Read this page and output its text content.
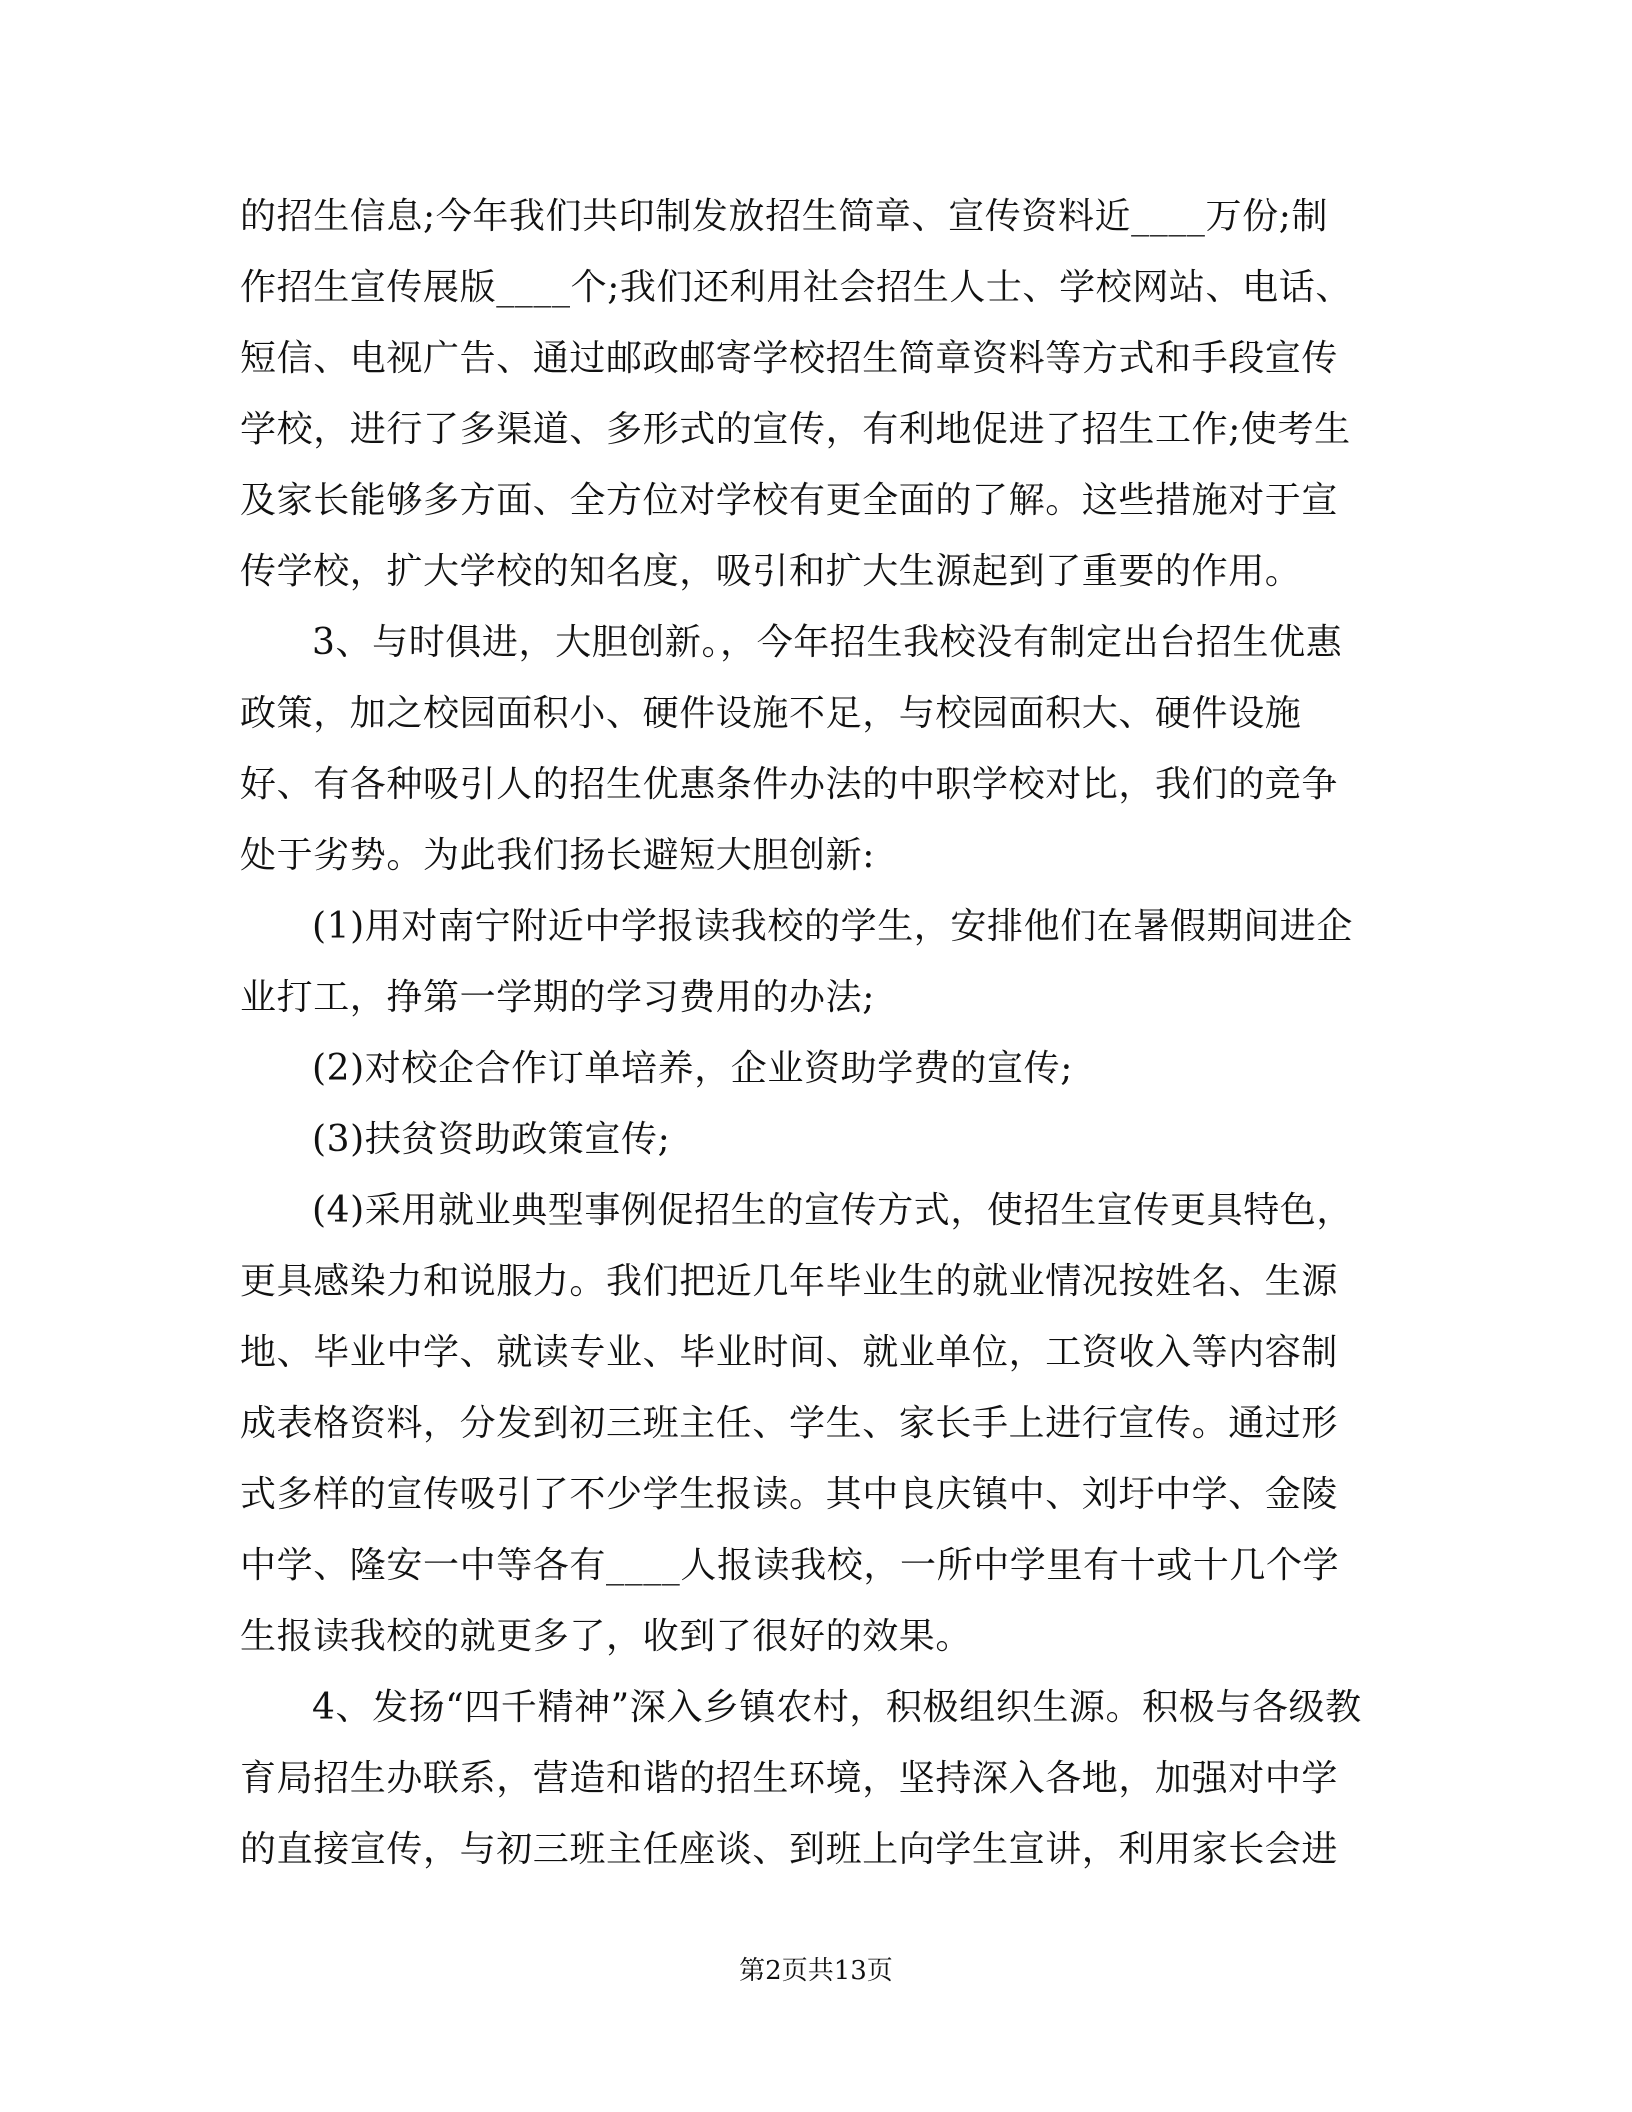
的招生信息;今年我们共印制发放招生简章、宣传资料近____万份;制
作招生宣传展版____个;我们还利用社会招生人士、学校网站、电话、
短信、电视广告、通过邮政邮寄学校招生简章资料等方式和手段宣传
学校，进行了多渠道、多形式的宣传，有利地促进了招生工作;使考生
及家长能够多方面、全方位对学校有更全面的了解。这些措施对于宣
传学校，扩大学校的知名度，吸引和扩大生源起到了重要的作用。
3、与时俱进，大胆创新。，今年招生我校没有制定出台招生优惠
政策，加之校园面积小、硬件设施不足，与校园面积大、硬件设施
好、有各种吸引人的招生优惠条件办法的中职学校对比，我们的竞争
处于劣势。为此我们扬长避短大胆创新:
(1)用对南宁附近中学报读我校的学生，安排他们在暑假期间进企
业打工，挣第一学期的学习费用的办法;
(2)对校企合作订单培养，企业资助学费的宣传;
(3)扶贫资助政策宣传;
(4)采用就业典型事例促招生的宣传方式，使招生宣传更具特色，
更具感染力和说服力。我们把近几年毕业生的就业情况按姓名、生源
地、毕业中学、就读专业、毕业时间、就业单位，工资收入等内容制
成表格资料，分发到初三班主任、学生、家长手上进行宣传。通过形
式多样的宣传吸引了不少学生报读。其中良庆镇中、刘圩中学、金陵
中学、隆安一中等各有____人报读我校，一所中学里有十或十几个学
生报读我校的就更多了，收到了很好的效果。
4、发扬“四千精神”深入乡镇农村，积极组织生源。积极与各级教
育局招生办联系，营造和谐的招生环境，坚持深入各地，加强对中学
的直接宣传，与初三班主任座谈、到班上向学生宣讲，利用家长会进
第2页共13页
